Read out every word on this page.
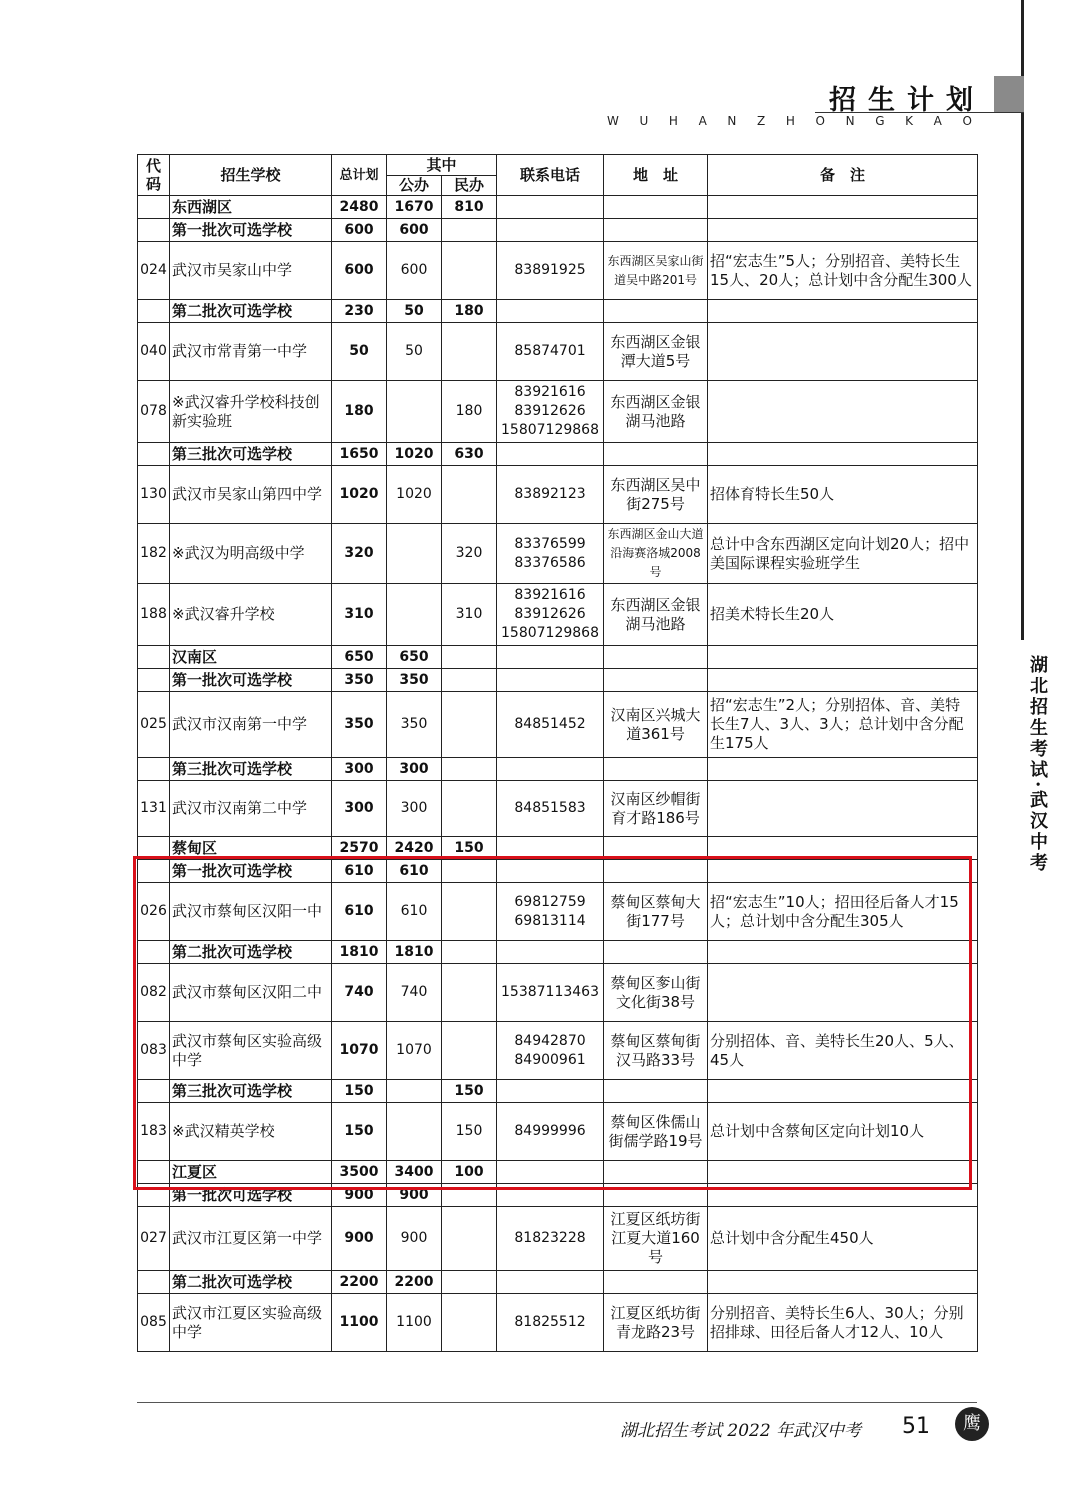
招生计划
W U H A N Z H O N G K A O
湖北招生考试·武汉中考
代码	招生学校	总计划	其中		联系电话	地　址	备　注
			公办	民办			
	东西湖区	2480	1670	810			
	第一批次可选学校	600	600				
024	武汉市吴家山中学	600	600		83891925	东西湖区吴家山街道吴中路201号	招“宏志生”5人；分别招音、美特长生15人、20人；总计划中含分配生300人
	第二批次可选学校	230	50	180			
040	武汉市常青第一中学	50	50		85874701	东西湖区金银潭大道5号	
078	※武汉睿升学校科技创新实验班	180		180	83921616 83912626 15807129868	东西湖区金银湖马池路	
	第三批次可选学校	1650	1020	630			
130	武汉市吴家山第四中学	1020	1020		83892123	东西湖区吴中街275号	招体育特长生50人
182	※武汉为明高级中学	320		320	83376599 83376586	东西湖区金山大道沿海赛洛城2008号	总计中含东西湖区定向计划20人；招中美国际课程实验班学生
188	※武汉睿升学校	310		310	83921616 83912626 15807129868	东西湖区金银湖马池路	招美术特长生20人
	汉南区	650	650				
	第一批次可选学校	350	350				
025	武汉市汉南第一中学	350	350		84851452	汉南区兴城大道361号	招“宏志生”2人；分别招体、音、美特长生7人、3人、3人；总计划中含分配生175人
	第三批次可选学校	300	300				
131	武汉市汉南第二中学	300	300		84851583	汉南区纱帽街育才路186号	
	蔡甸区	2570	2420	150			
	第一批次可选学校	610	610				
026	武汉市蔡甸区汉阳一中	610	610		69812759 69813114	蔡甸区蔡甸大街177号	招“宏志生”10人；招田径后备人才15人；总计划中含分配生305人
	第二批次可选学校	1810	1810				
082	武汉市蔡甸区汉阳二中	740	740		15387113463	蔡甸区奓山街文化街38号	
083	武汉市蔡甸区实验高级中学	1070	1070		84942870 84900961	蔡甸区蔡甸街汉马路33号	分别招体、音、美特长生20人、5人、45人
	第三批次可选学校	150		150			
183	※武汉精英学校	150		150	84999996	蔡甸区侏儒山街儒学路19号	总计划中含蔡甸区定向计划10人
	江夏区	3500	3400	100			
	第一批次可选学校	900	900				
027	武汉市江夏区第一中学	900	900		81823228	江夏区纸坊街江夏大道160号	总计划中含分配生450人
	第二批次可选学校	2200	2200				
085	武汉市江夏区实验高级中学	1100	1100		81825512	江夏区纸坊街青龙路23号	分别招音、美特长生6人、30人；分别招排球、田径后备人才12人、10人
湖北招生考试 2022 年武汉中考 51	鹰
